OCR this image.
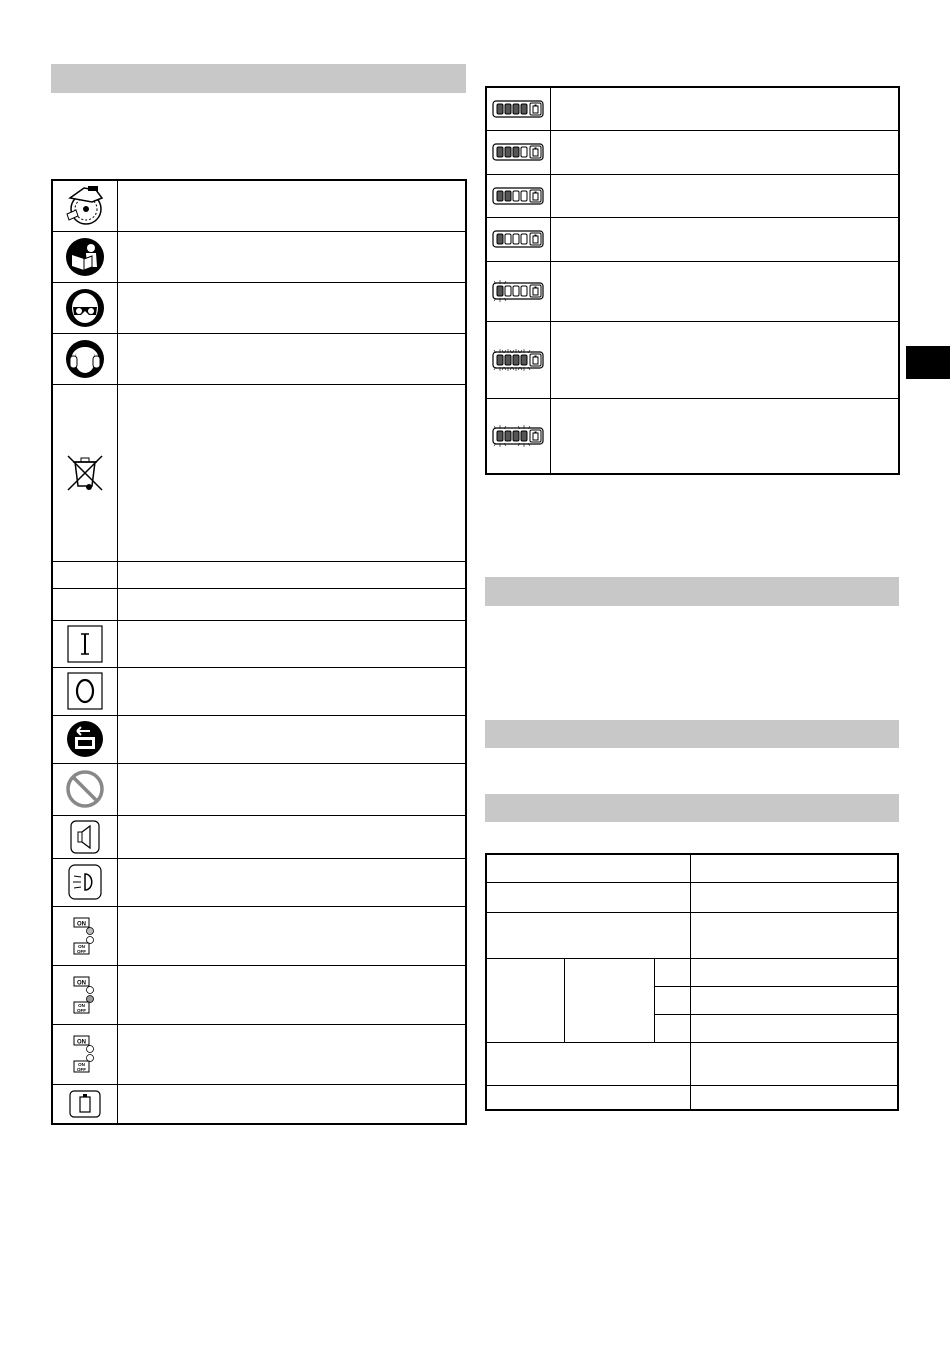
ON
ON
OFF	

ON
ON
OFF	

ON
ON
OFF	
